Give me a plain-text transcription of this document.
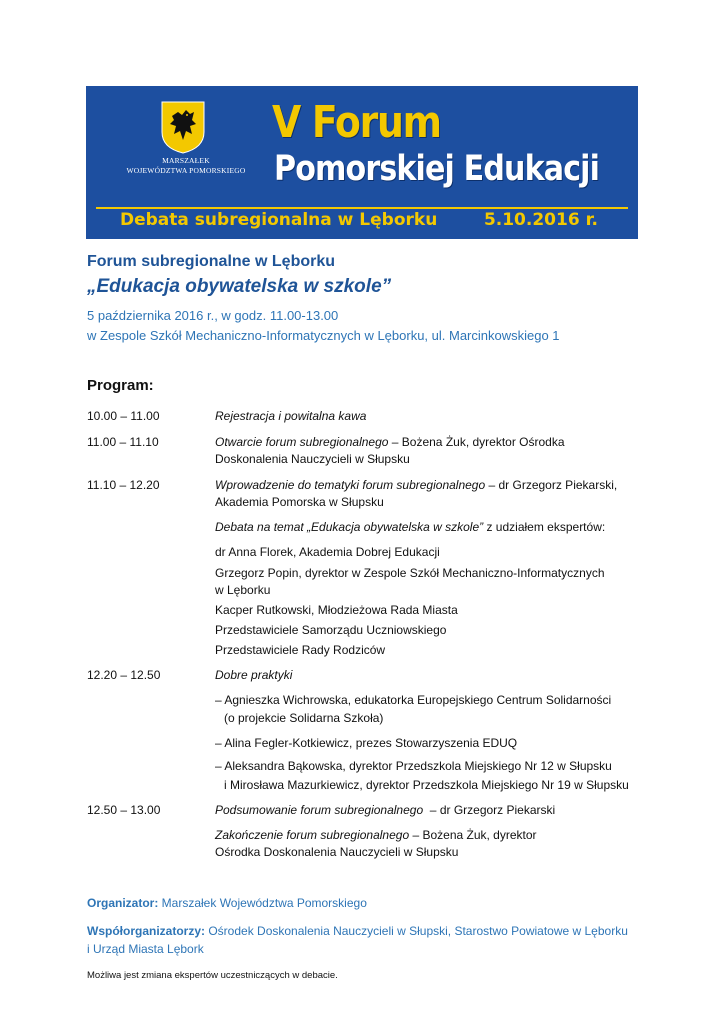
MARSZAŁEK
WOJEWÓDZTWA POMORSKIEGO
V Forum
Pomorskiej Edukacji
Debata subregionalna w Lęborku	5.10.2016 r.
Forum subregionalne w Lęborku
„Edukacja obywatelska w szkole”
5 października 2016 r., w godz. 11.00-13.00
w Zespole Szkół Mechaniczno-Informatycznych w Lęborku, ul. Marcinkowskiego 1
Program:
10.00 – 11.00	Rejestracja i powitalna kawa
11.00 – 11.10	Otwarcie forum subregionalnego – Bożena Żuk, dyrektor Ośrodka
Doskonalenia Nauczycieli w Słupsku
11.10 – 12.20	Wprowadzenie do tematyki forum subregionalnego – dr Grzegorz Piekarski,
Akademia Pomorska w Słupsku
Debata na temat „Edukacja obywatelska w szkole” z udziałem ekspertów:
dr Anna Florek, Akademia Dobrej Edukacji
Grzegorz Popin, dyrektor w Zespole Szkół Mechaniczno-Informatycznych
w Lęborku
Kacper Rutkowski, Młodzieżowa Rada Miasta
Przedstawiciele Samorządu Uczniowskiego
Przedstawiciele Rady Rodziców
12.20 – 12.50	Dobre praktyki
– Agnieszka Wichrowska, edukatorka Europejskiego Centrum Solidarności
(o projekcie Solidarna Szkoła)
– Alina Fegler-Kotkiewicz, prezes Stowarzyszenia EDUQ
– Aleksandra Bąkowska, dyrektor Przedszkola Miejskiego Nr 12 w Słupsku
i Mirosława Mazurkiewicz, dyrektor Przedszkola Miejskiego Nr 19 w Słupsku
12.50 – 13.00	Podsumowanie forum subregionalnego  – dr Grzegorz Piekarski
Zakończenie forum subregionalnego – Bożena Żuk, dyrektor
Ośrodka Doskonalenia Nauczycieli w Słupsku
Organizator: Marszałek Województwa Pomorskiego
Współorganizatorzy: Ośrodek Doskonalenia Nauczycieli w Słupski, Starostwo Powiatowe w Lęborku
i Urząd Miasta Lębork
Możliwa jest zmiana ekspertów uczestniczących w debacie.
